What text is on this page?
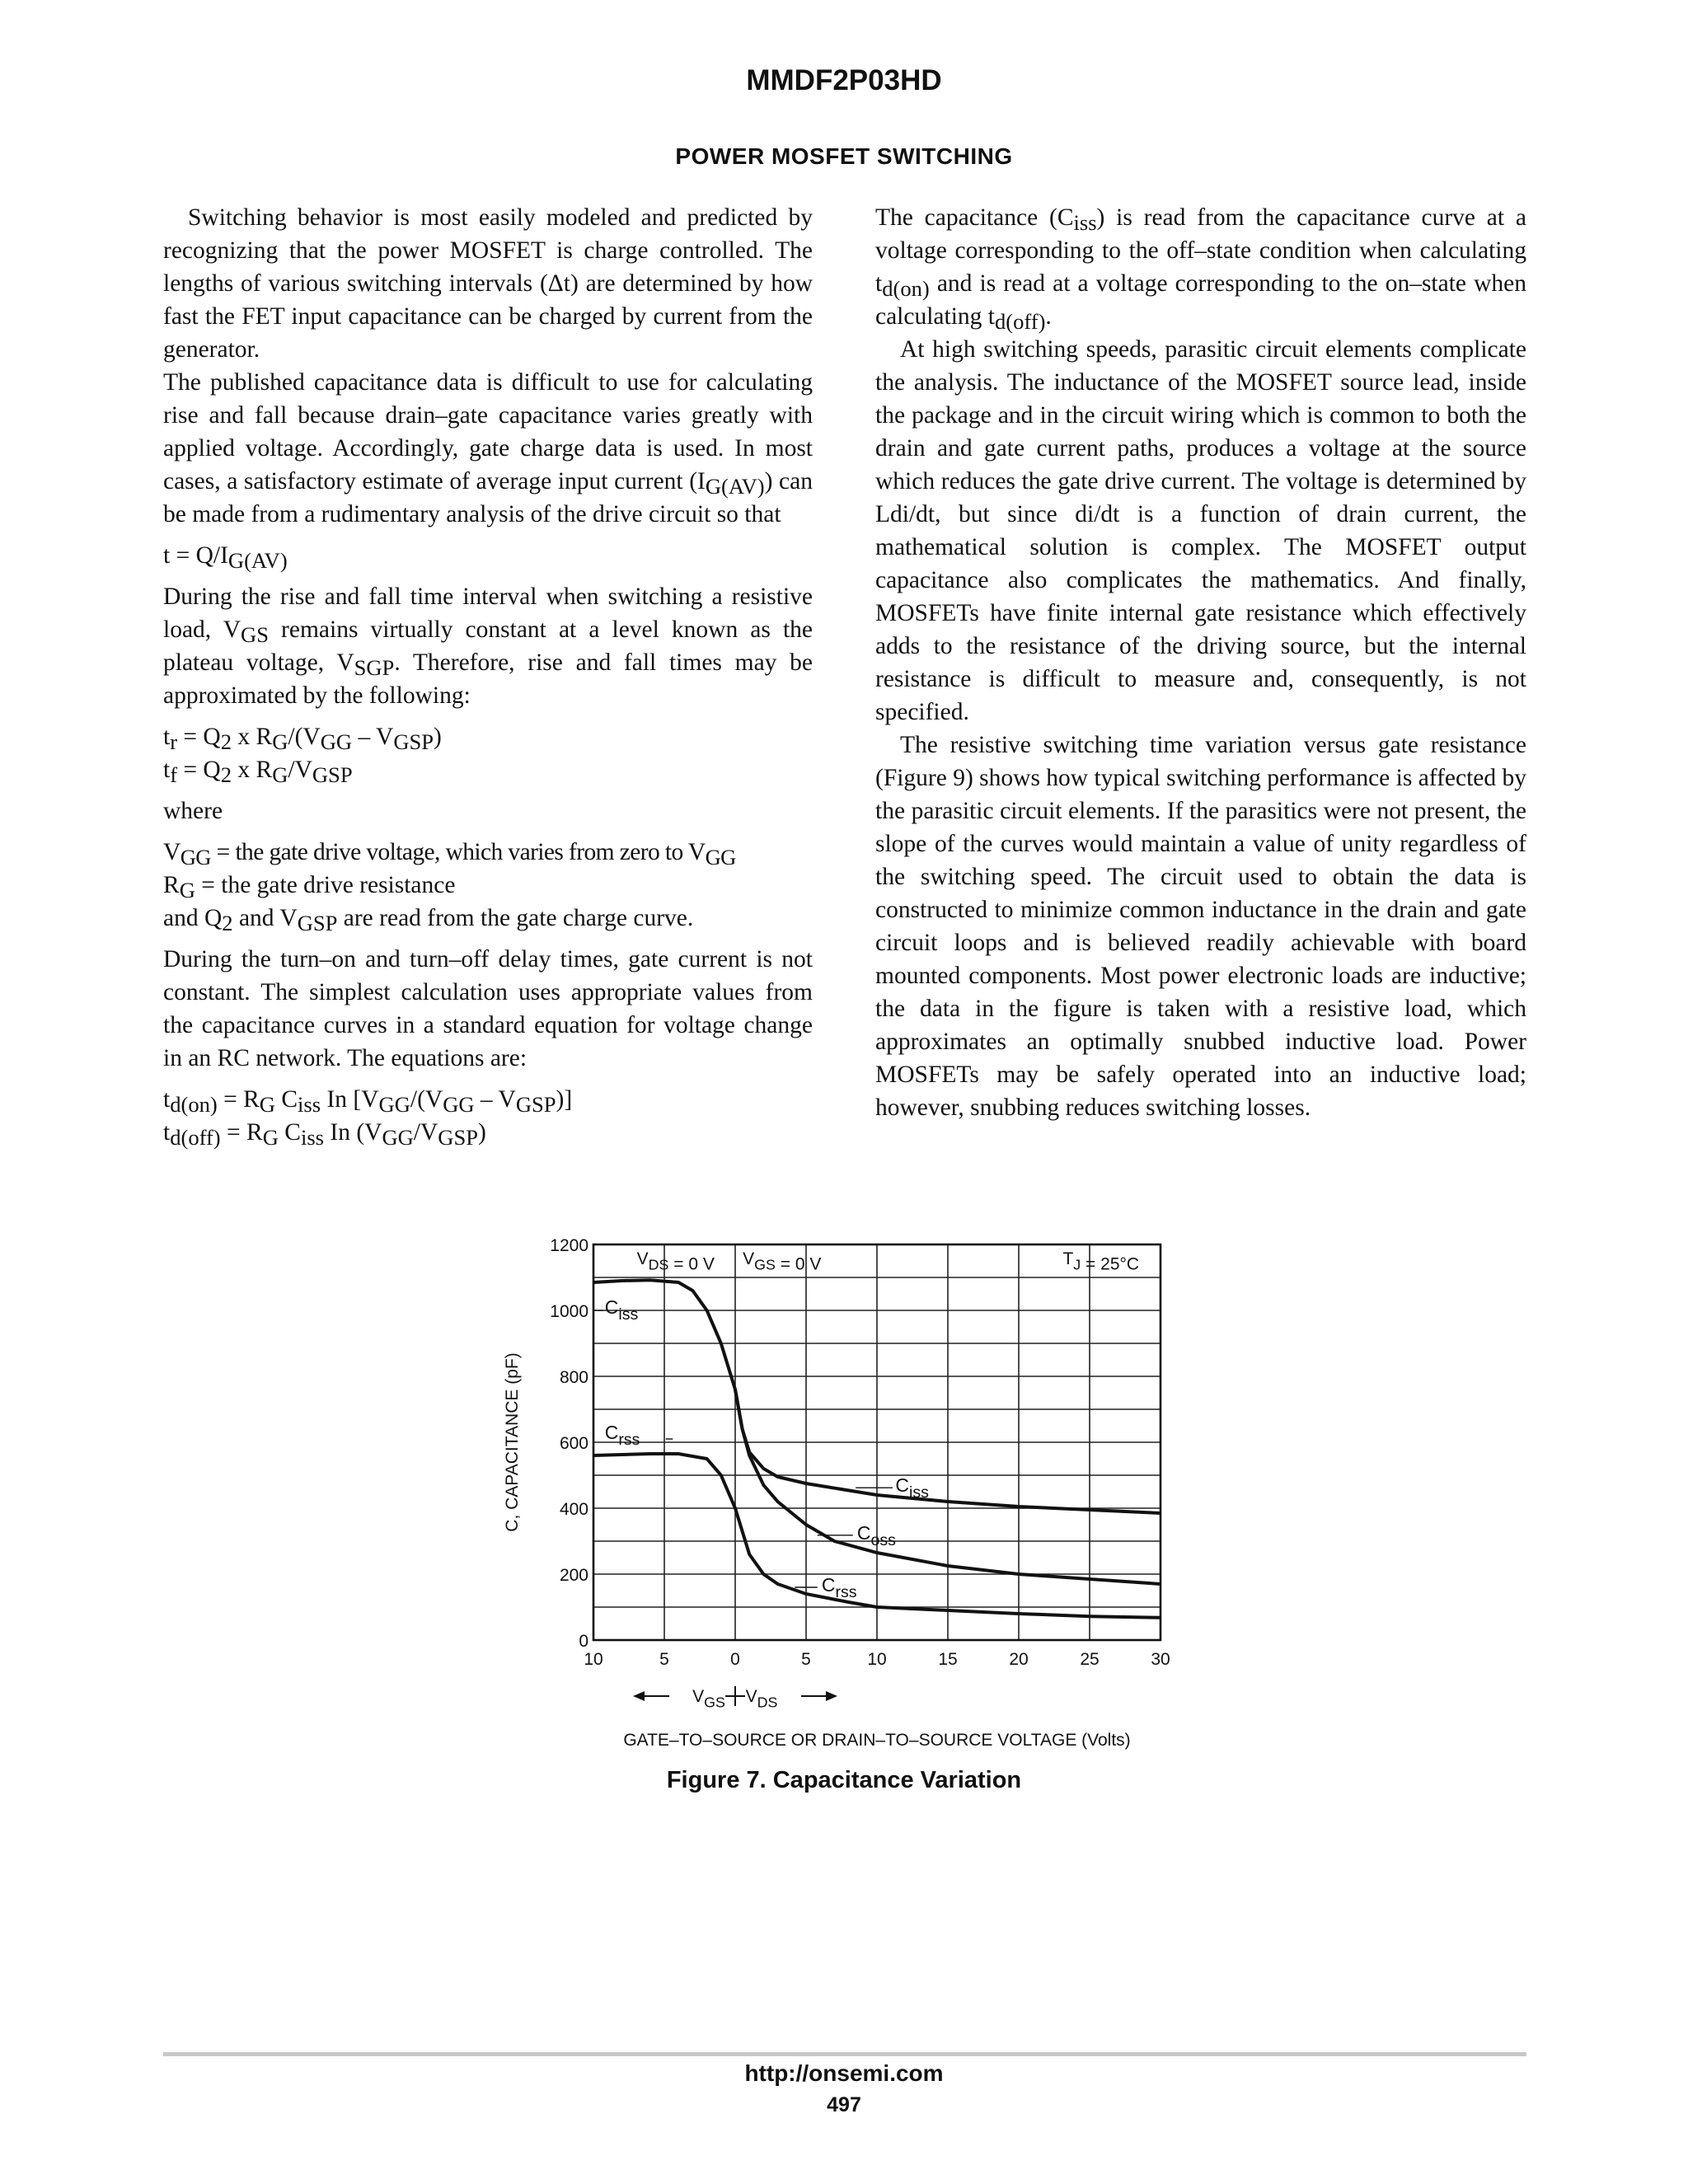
MMDF2P03HD
POWER MOSFET SWITCHING

Switching behavior is most easily modeled and predicted by recognizing that the power MOSFET is charge controlled. The lengths of various switching intervals (Δt) are determined by how fast the FET input capacitance can be charged by current from the generator.

The published capacitance data is difficult to use for calculating rise and fall because drain–gate capacitance varies greatly with applied voltage. Accordingly, gate charge data is used. In most cases, a satisfactory estimate of average input current $(I_{G(AV)})$ can be made from a rudimentary analysis of the drive circuit so that

$t = Q/I_{G(AV)}$

During the rise and fall time interval when switching a resistive load, $V_{GS}$ remains virtually constant at a level known as the plateau voltage, $V_{SGP}$. Therefore, rise and fall times may be approximated by the following:

$t_r = Q_2$ x $R_G/(V_{GG} - V_{GSP})$

$t_f = Q_2$ x $R_G/V_{GSP}$

where

$V_{GG}$ = the gate drive voltage, which varies from zero to $V_{GG}$

$R_G$ = the gate drive resistance

and $Q_2$ and $V_{GSP}$ are read from the gate charge curve.

During the turn–on and turn–off delay times, gate current is not constant. The simplest calculation uses appropriate values from the capacitance curves in a standard equation for voltage change in an RC network. The equations are:

$t_{d(on)} = R_G$ $C_{iss}$ In $[V_{GG}/(V_{GG} - V_{GSP})]$

$t_{d(off)} = R_G$ $C_{iss}$ In $(V_{GG}/V_{GSP})$

The capacitance $(C_{iss})$ is read from the capacitance curve at a voltage corresponding to the off–state condition when calculating $t_{d(on)}$ and is read at a voltage corresponding to the on–state when calculating $t_{d(off)}$.

At high switching speeds, parasitic circuit elements complicate the analysis. The inductance of the MOSFET source lead, inside the package and in the circuit wiring which is common to both the drain and gate current paths, produces a voltage at the source which reduces the gate drive current. The voltage is determined by Ldi/dt, but since di/dt is a function of drain current, the mathematical solution is complex. The MOSFET output capacitance also complicates the mathematics. And finally, MOSFETs have finite internal gate resistance which effectively adds to the resistance of the driving source, but the internal resistance is difficult to measure and, consequently, is not specified.

The resistive switching time variation versus gate resistance (Figure 9) shows how typical switching performance is affected by the parasitic circuit elements. If the parasitics were not present, the slope of the curves would maintain a value of unity regardless of the switching speed. The circuit used to obtain the data is constructed to minimize common inductance in the drain and gate circuit loops and is believed readily achievable with board mounted components. Most power electronic loads are inductive; the data in the figure is taken with a resistive load, which approximates an optimally snubbed inductive load. Power MOSFETs may be safely operated into an inductive load; however, snubbing reduces switching losses.

0
200
400
600
800
1000
1200
10	5	0	5	10	15	20	25	30
C, CAPACITANCE (pF)
GATE–TO–SOURCE OR DRAIN–TO–SOURCE VOLTAGE (Volts)
VGS VDS
VDS = 0 V VGS = 0 V	TJ = 25°C
$C_{iss}$
$C_{rss}$
$C_{iss}$
$C_{oss}$
$C_{rss}$
Figure 7. Capacitance Variation
http://onsemi.com
497
